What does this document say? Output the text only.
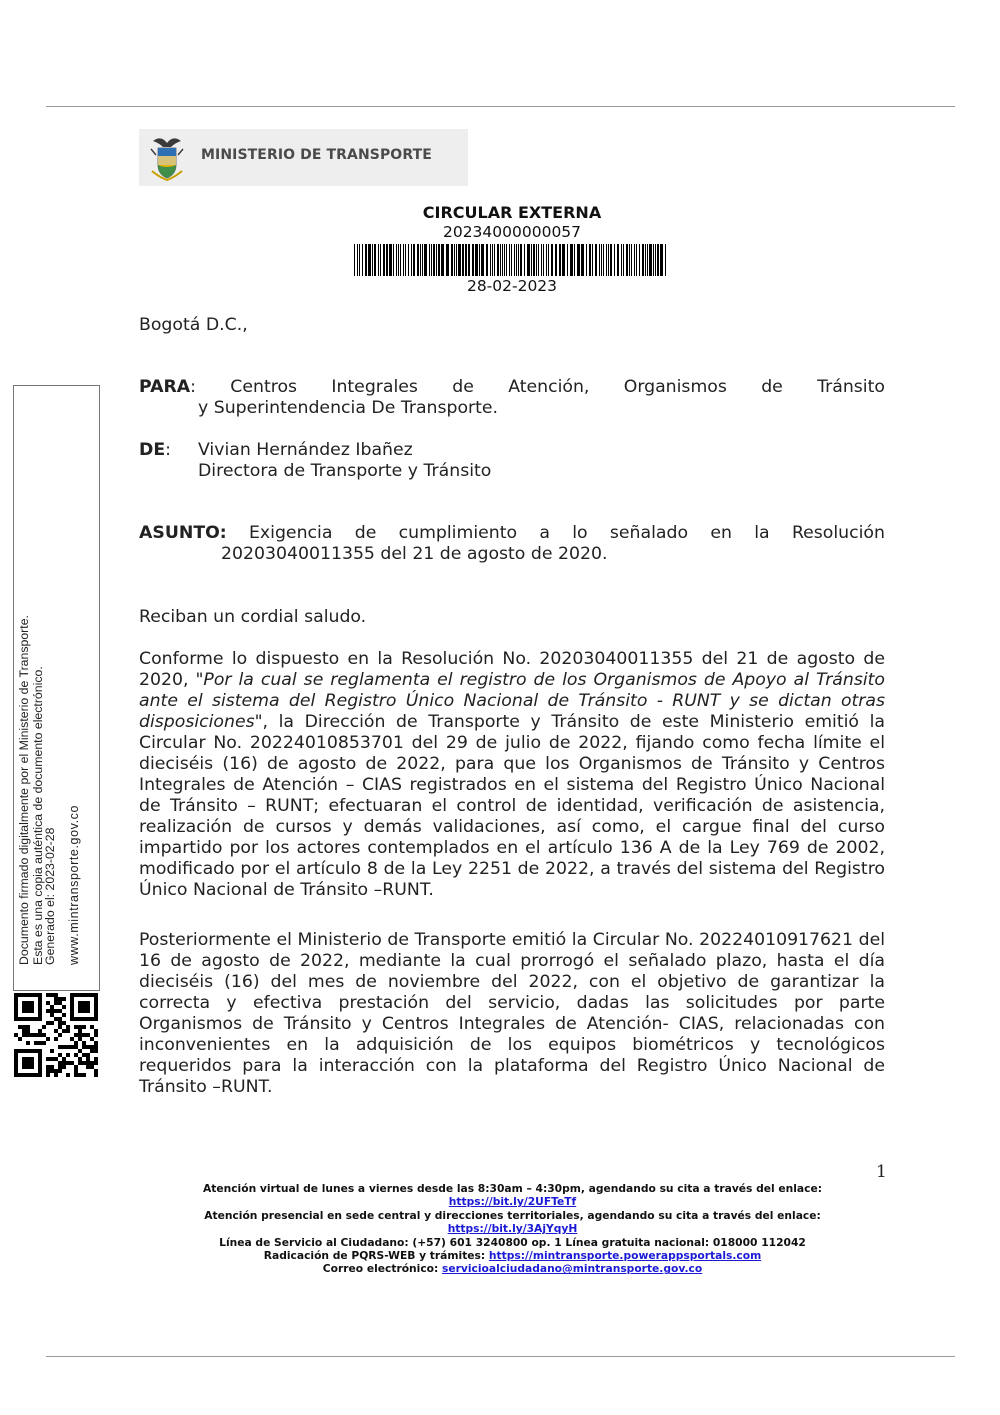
MINISTERIO DE TRANSPORTE
CIRCULAR EXTERNA
20234000000057
28-02-2023
Bogotá D.C.,
PARA: Centros Integrales de Atención, Organismos de Tránsito
y Superintendencia De Transporte.
DE: Vivian Hernández Ibañez
Directora de Transporte y Tránsito
ASUNTO: Exigencia de cumplimiento a lo señalado en la Resolución
20203040011355 del 21 de agosto de 2020.
Reciban un cordial saludo.
Conforme lo dispuesto en la Resolución No. 20203040011355 del 21 de agosto de 2020, "Por la cual se reglamenta el registro de los Organismos de Apoyo al Tránsito ante el sistema del Registro Único Nacional de Tránsito - RUNT y se dictan otras disposiciones", la Dirección de Transporte y Tránsito de este Ministerio emitió la Circular No. 20224010853701 del 29 de julio de 2022, fijando como fecha límite el dieciséis (16) de agosto de 2022, para que los Organismos de Tránsito y Centros Integrales de Atención – CIAS registrados en el sistema del Registro Único Nacional de Tránsito – RUNT; efectuaran el control de identidad, verificación de asistencia, realización de cursos y demás validaciones, así como, el cargue final del curso impartido por los actores contemplados en el artículo 136 A de la Ley 769 de 2002, modificado por el artículo 8 de la Ley 2251 de 2022, a través del sistema del Registro Único Nacional de Tránsito –RUNT.
Posteriormente el Ministerio de Transporte emitió la Circular No. 20224010917621 del 16 de agosto de 2022, mediante la cual prorrogó el señalado plazo, hasta el día dieciséis (16) del mes de noviembre del 2022, con el objetivo de garantizar la correcta y efectiva prestación del servicio, dadas las solicitudes por parte Organismos de Tránsito y Centros Integrales de Atención- CIAS, relacionadas con inconvenientes en la adquisición de los equipos biométricos y tecnológicos requeridos para la interacción con la plataforma del Registro Único Nacional de Tránsito –RUNT.
Documento firmado digitalmente por el Ministerio de Transporte. Esta es una copia auténtica de documento electrónico.
Generado el: 2023-02-28 www.mintransporte.gov.co
1
Atención virtual de lunes a viernes desde las 8:30am – 4:30pm, agendando su cita a través del enlace:
https://bit.ly/2UFTeTf
Atención presencial en sede central y direcciones territoriales, agendando su cita a través del enlace:
https://bit.ly/3AjYqyH
Línea de Servicio al Ciudadano: (+57) 601 3240800 op. 1 Línea gratuita nacional: 018000 112042
Radicación de PQRS-WEB y trámites: https://mintransporte.powerappsportals.com
Correo electrónico: servicioalciudadano@mintransporte.gov.co
